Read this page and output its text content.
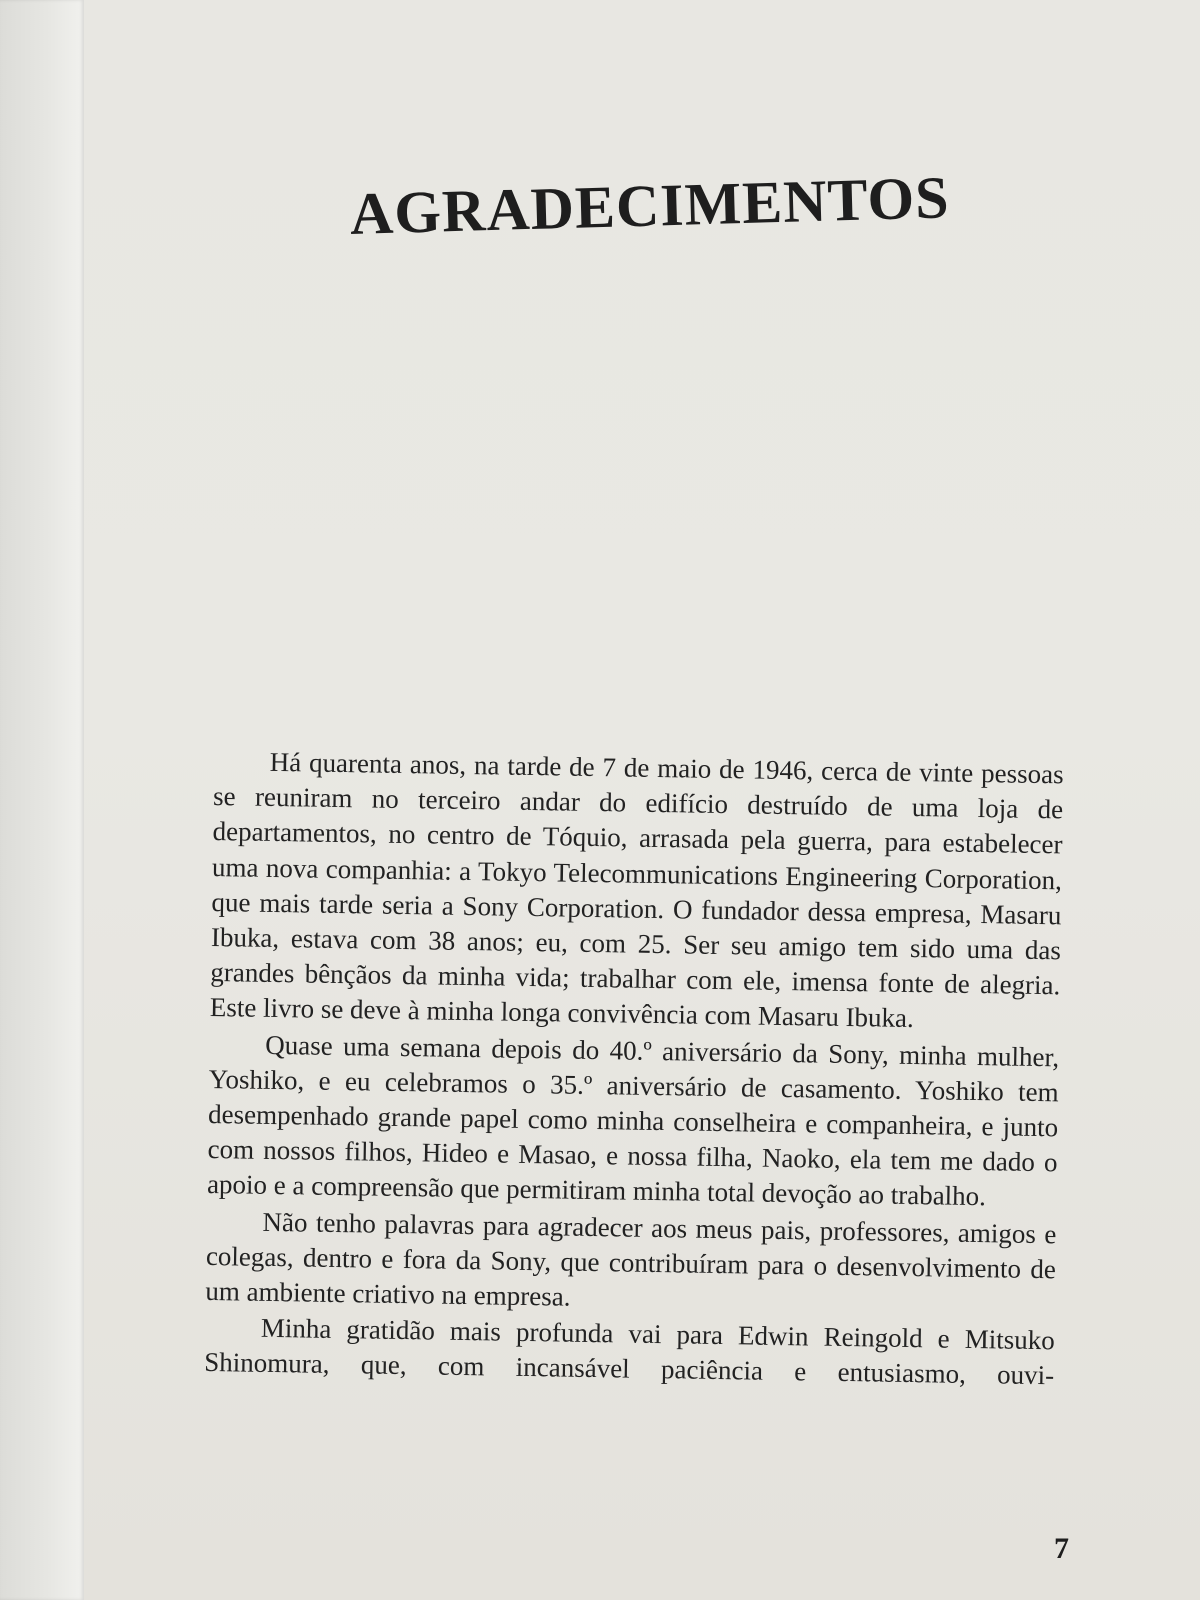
AGRADECIMENTOS

Há quarenta anos, na tarde de 7 de maio de 1946, cerca de vinte pessoas se reuniram no terceiro andar do edifício destruído de uma loja de departamentos, no centro de Tóquio, arrasada pela guerra, para estabelecer uma nova companhia: a Tokyo Telecommunications Engineering Corporation, que mais tarde seria a Sony Corporation. O fundador dessa empresa, Masaru Ibuka, estava com 38 anos; eu, com 25. Ser seu amigo tem sido uma das grandes bênçãos da minha vida; trabalhar com ele, imensa fonte de alegria. Este livro se deve à minha longa convivência com Masaru Ibuka.

Quase uma semana depois do 40.º aniversário da Sony, minha mulher, Yoshiko, e eu celebramos o 35.º aniversário de casamento. Yoshiko tem desempenhado grande papel como minha conselheira e companheira, e junto com nossos filhos, Hideo e Masao, e nossa filha, Naoko, ela tem me dado o apoio e a compreensão que permitiram minha total devoção ao trabalho.

Não tenho palavras para agradecer aos meus pais, professores, amigos e colegas, dentro e fora da Sony, que contribuíram para o desenvolvimento de um ambiente criativo na empresa.

Minha gratidão mais profunda vai para Edwin Reingold e Mitsuko Shinomura, que, com incansável paciência e entusiasmo, ouvi-

7
